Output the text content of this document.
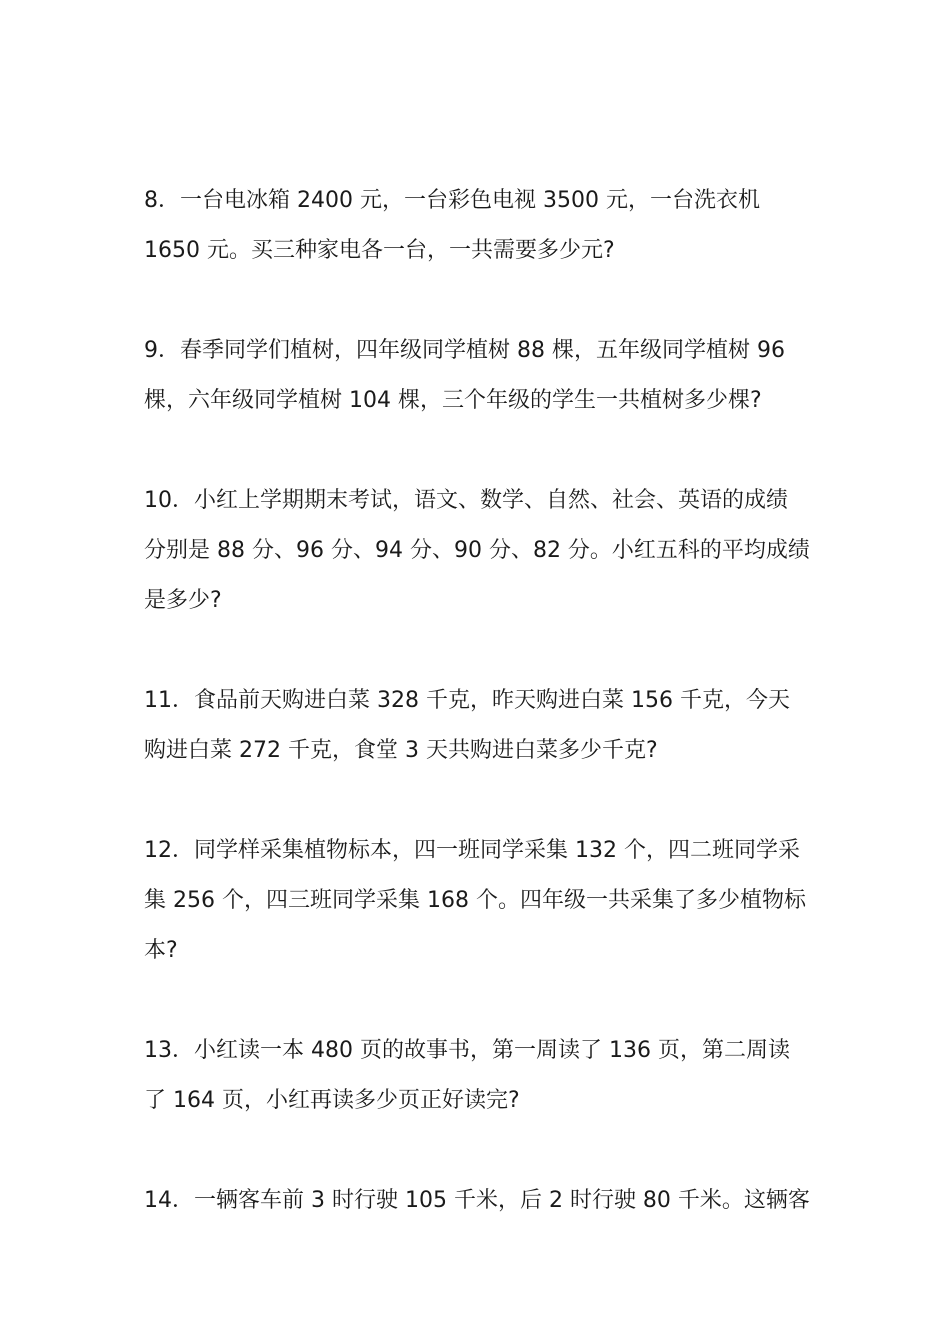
8．一台电冰箱 2400 元，一台彩色电视 3500 元，一台洗衣机
1650 元。买三种家电各一台，一共需要多少元?
9．春季同学们植树，四年级同学植树 88 棵，五年级同学植树 96
棵，六年级同学植树 104 棵，三个年级的学生一共植树多少棵?
10．小红上学期期末考试，语文、数学、自然、社会、英语的成绩
分别是 88 分、96 分、94 分、90 分、82 分。小红五科的平均成绩
是多少?
11．食品前天购进白菜 328 千克，昨天购进白菜 156 千克，今天
购进白菜 272 千克，食堂 3 天共购进白菜多少千克?
12．同学样采集植物标本，四一班同学采集 132 个，四二班同学采
集 256 个，四三班同学采集 168 个。四年级一共采集了多少植物标
本?
13．小红读一本 480 页的故事书，第一周读了 136 页，第二周读
了 164 页，小红再读多少页正好读完?
14．一辆客车前 3 时行驶 105 千米，后 2 时行驶 80 千米。这辆客
